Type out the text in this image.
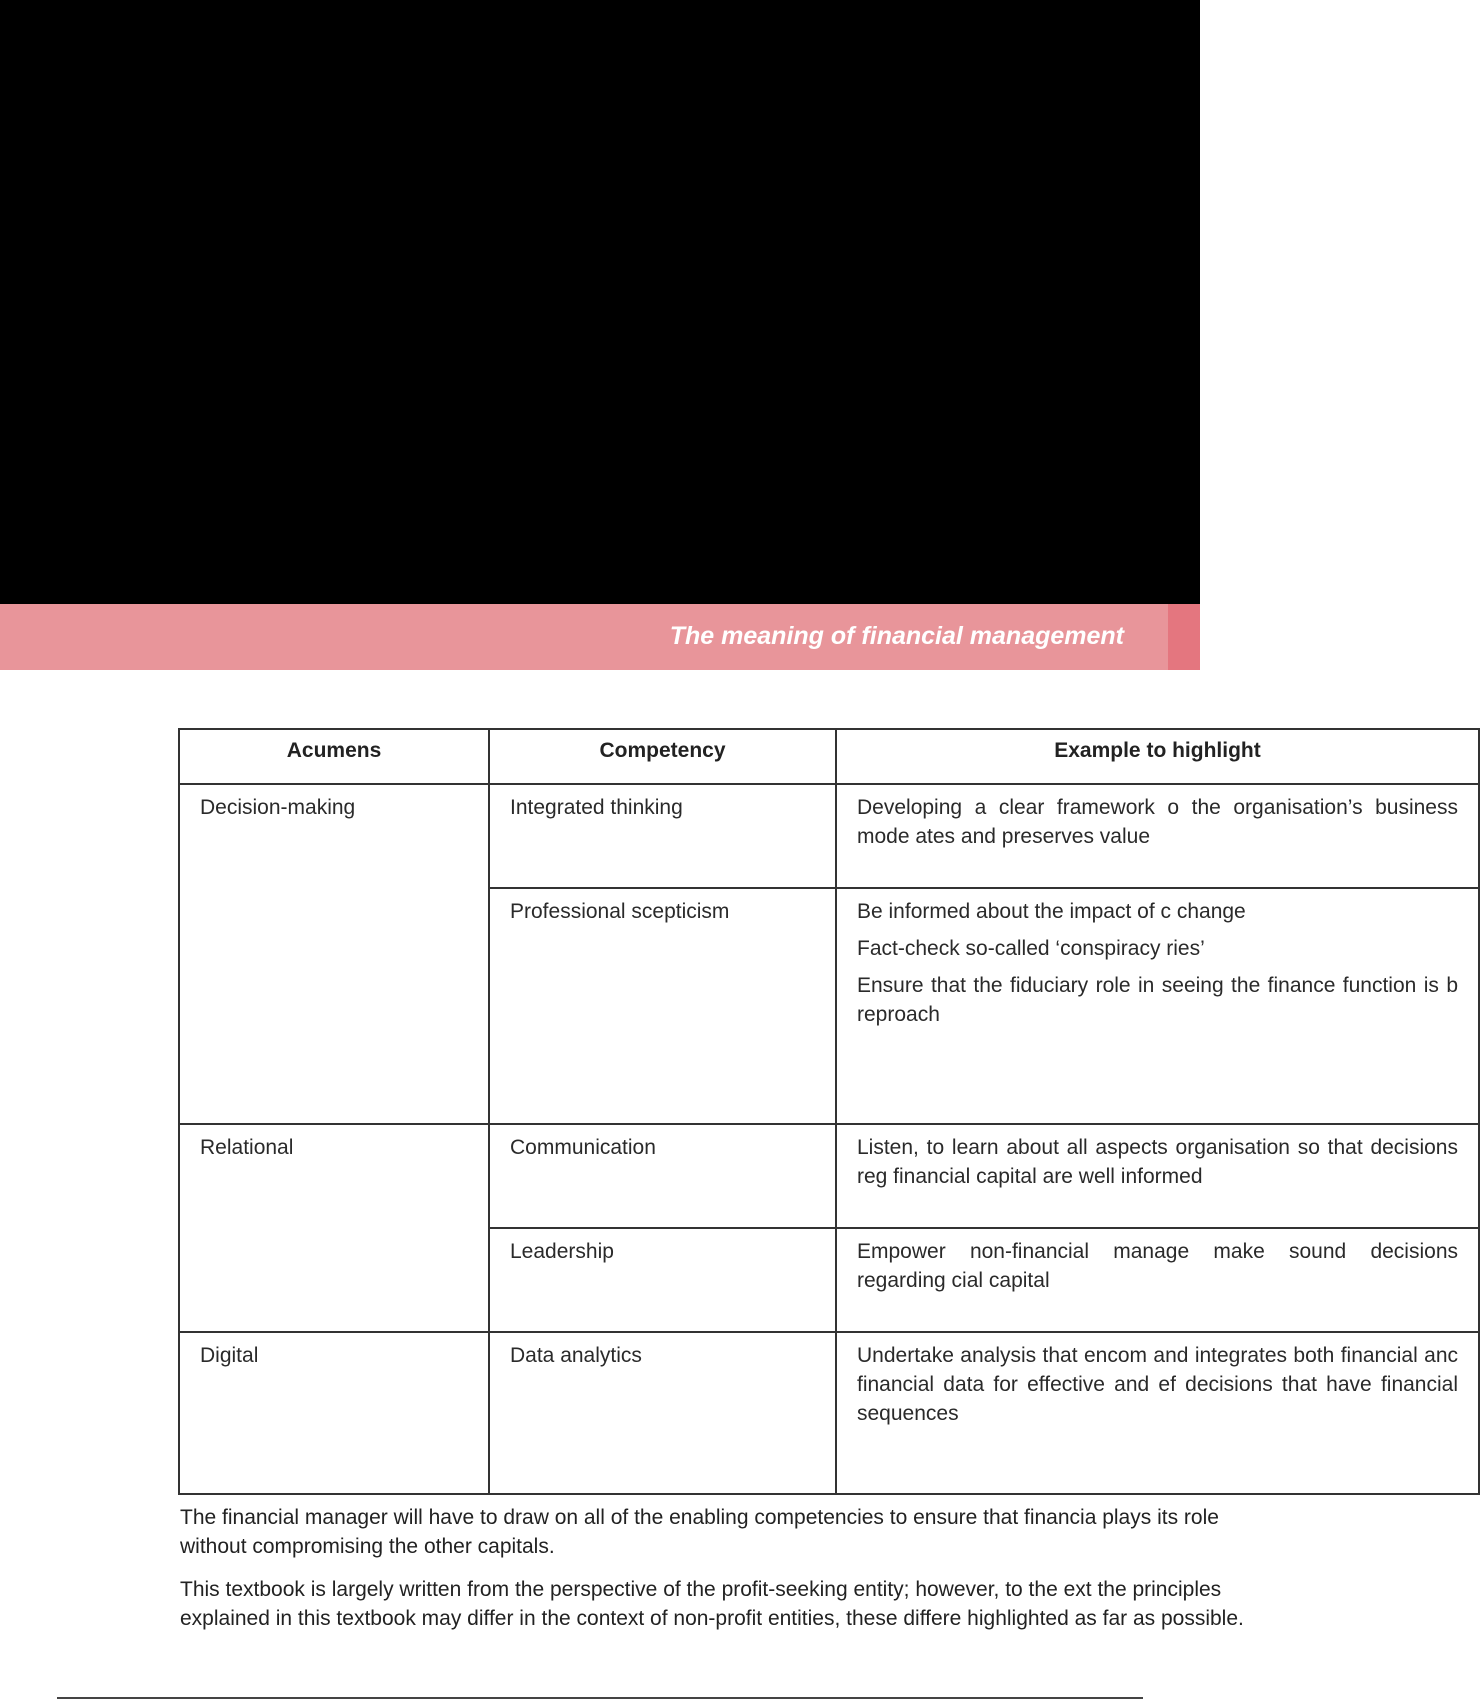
The meaning of financial management
Acumens	Competency	Example to highlight
Decision-making	Integrated thinking	Developing a clear framework o the organisation’s business mode ates and preserves value

	Professional scepticism	Be informed about the impact of c change

Fact-check so-called ‘conspiracy ries’

Ensure that the fiduciary role in seeing the finance function is b reproach

Relational	Communication	Listen, to learn about all aspects organisation so that decisions reg financial capital are well informed

	Leadership	Empower non-financial manage make sound decisions regarding cial capital

Digital	Data analytics	Undertake analysis that encom and integrates both financial anc financial data for effective and ef decisions that have financial sequences

The financial manager will have to draw on all of the enabling competencies to ensure that financia plays its role without compromising the other capitals.

This textbook is largely written from the perspective of the profit-seeking entity; however, to the ext the principles explained in this textbook may differ in the context of non-profit entities, these differe highlighted as far as possible.
